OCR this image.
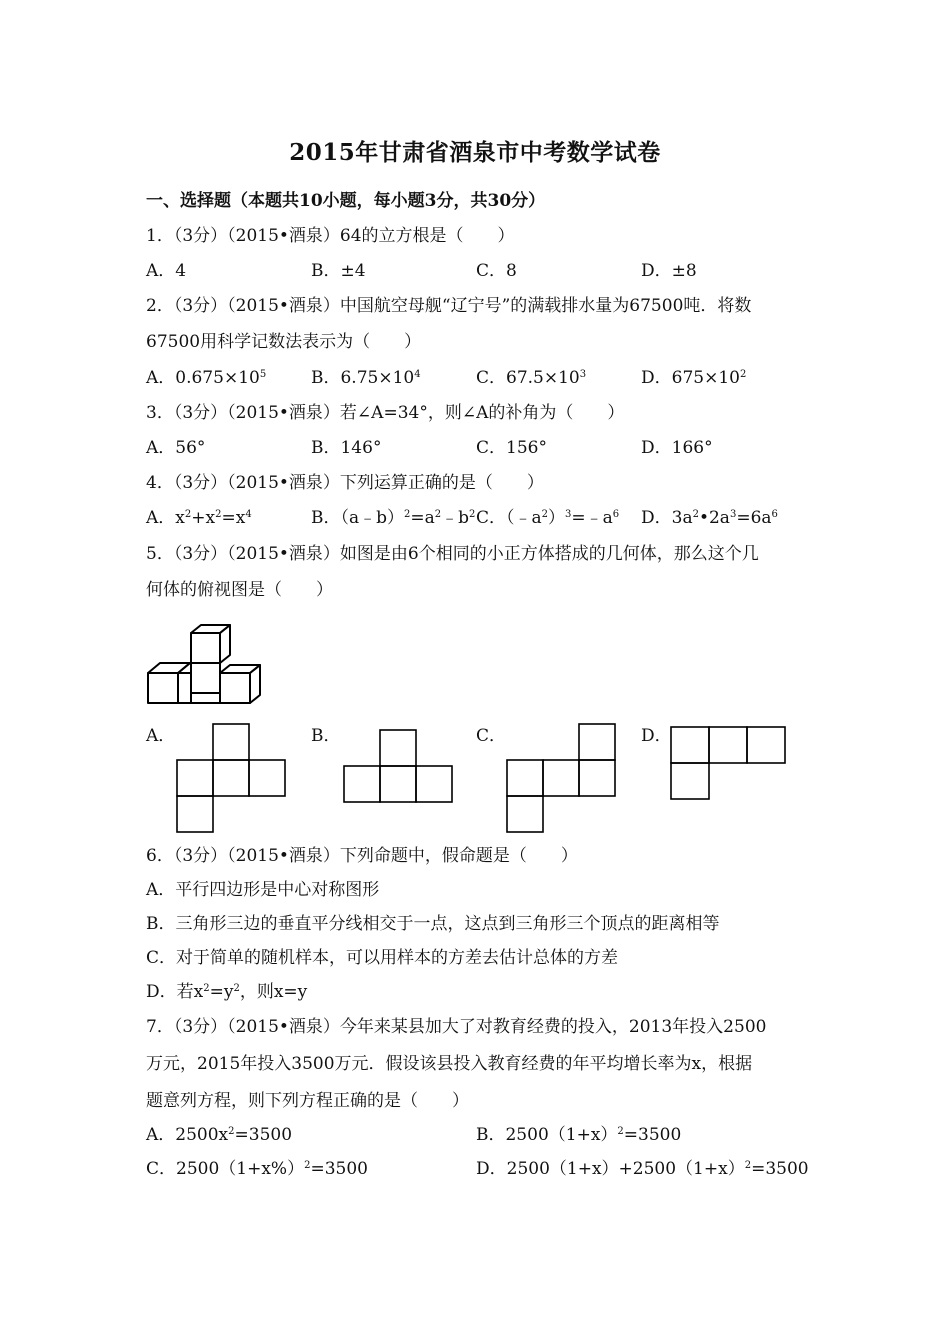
2015年甘肃省酒泉市中考数学试卷
一、选择题（本题共10小题，每小题3分，共30分）
1．（3分）（2015•酒泉）64的立方根是（　　）
A．4	B．±4	C．8	D．±8
2．（3分）（2015•酒泉）中国航空母舰“辽宁号”的满载排水量为67500吨．将数
67500用科学记数法表示为（　　）
A．$0.675\times 10^5$	B．$6.75\times 10^4$	C．$67.5\times 10^3$	D．$675\times 10^2$
3．（3分）（2015•酒泉）若∠A=34°，则∠A的补角为（　　）
A．56°	B．146°	C．156°	D．166°
4．（3分）（2015•酒泉）下列运算正确的是（　　）
A．$x^2+x^2=x^4$	B．$(a﹣b)^2=a^2﹣b^2$ C．$(﹣a^2)^3=﹣a^6$ D．$3a^2•2a^3=6a^6$
5．（3分）（2015•酒泉）如图是由6个相同的小正方体搭成的几何体，那么这个几
何体的俯视图是（　　）
A．	B．	C．	D．
6．（3分）（2015•酒泉）下列命题中，假命题是（　　）
A．平行四边形是中心对称图形
B．三角形三边的垂直平分线相交于一点，这点到三角形三个顶点的距离相等
C．对于简单的随机样本，可以用样本的方差去估计总体的方差
D．若$x^2=y^2$，则x=y
7．（3分）（2015•酒泉）今年来某县加大了对教育经费的投入，2013年投入2500
万元，2015年投入3500万元．假设该县投入教育经费的年平均增长率为x，根据
题意列方程，则下列方程正确的是（　　）
A．$2500x^2=3500$	B．$2500(1+x)^2=3500$
C．$2500(1+x\%)^2=3500$	D．$2500(1+x)+2500(1+x)^2=3500$
